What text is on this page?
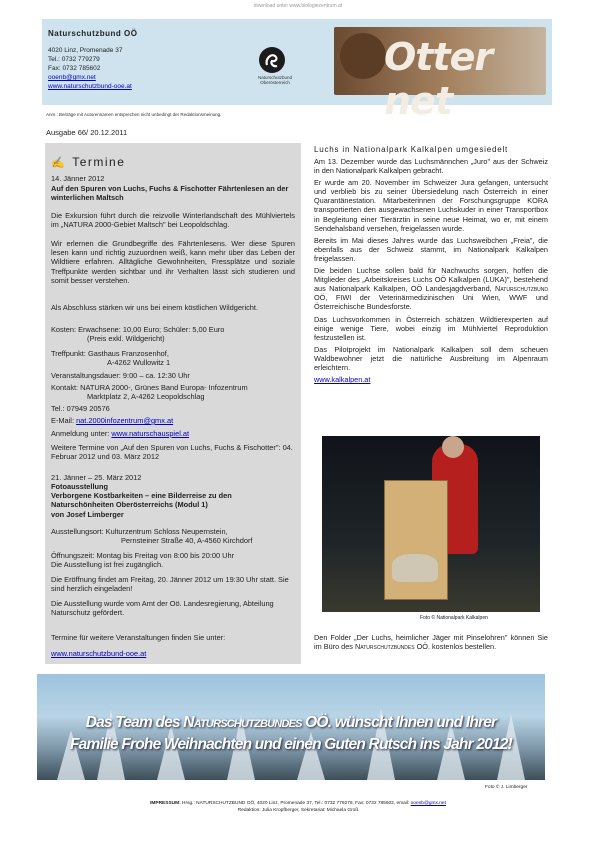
download unter www.biologiezentrum.at
Naturschutzbund OÖ
4020 Linz, Promenade 37
Tel.: 0732 779279
Fax: 0732 785602
ooenb@gmx.net
www.naturschutzbund-ooe.at
Naturschutzbund Oberösterreich
Otter net
Anm.: Beiträge mit Autorennamen entsprechen nicht unbedingt der Redaktionsmeinung.
Ausgabe 66/ 20.12.2011
✍ Termine
14. Jänner 2012
Auf den Spuren von Luchs, Fuchs & Fischotter Fährtenlesen an der winterlichen Maltsch
Die Exkursion führt durch die reizvolle Winterlandschaft des Mühlviertels im „NATURA 2000-Gebiet Maltsch" bei Leopoldschlag.
Wir erlernen die Grundbegriffe des Fährtenlesens. Wer diese Spuren lesen kann und richtig zuzuordnen weiß, kann mehr über das Leben der Wildtiere erfahren. Alltägliche Gewohnheiten, Fressplätze und soziale Treffpunkte werden sichtbar und ihr Verhalten lässt sich studieren und somit besser verstehen.
Als Abschluss stärken wir uns bei einem köstlichen Wildgericht.
Kosten: Erwachsene: 10,00 Euro; Schüler: 5,00 Euro
(Preis exkl. Wildgericht)
Treffpunkt: Gasthaus Franzosenhof,
A-4262 Wullowitz 1
Veranstaltungsdauer: 9:00 – ca. 12:30 Uhr
Kontakt: NATURA 2000-, Grünes Band Europa- Infozentrum
Marktplatz 2, A-4262 Leopoldschlag
Tel.: 07949 20576
E-Mail: nat.2000infozentrum@gmx.at
Anmeldung unter: www.naturschauspiel.at
Weitere Termine von „Auf den Spuren von Luchs, Fuchs & Fischotter": 04. Februar 2012 und 03. März 2012
21. Jänner – 25. März 2012
Fotoausstellung
Verborgene Kostbarkeiten – eine Bilderreise zu den Naturschönheiten Oberösterreichs (Modul 1)
von Josef Limberger
Ausstellungsort: Kulturzentrum Schloss Neupernstein,
Pernsteiner Straße 40, A-4560 Kirchdorf
Öffnungszeit: Montag bis Freitag von 8:00 bis 20:00 Uhr
Die Ausstellung ist frei zugänglich.
Die Eröffnung findet am Freitag, 20. Jänner 2012 um 19:30 Uhr statt. Sie sind herzlich eingeladen!
Die Ausstellung wurde vom Amt der Oö. Landesregierung, Abteilung Naturschutz gefördert.
Termine für weitere Veranstaltungen finden Sie unter:
www.naturschutzbund-ooe.at
Luchs in Nationalpark Kalkalpen umgesiedelt
Am 13. Dezember wurde das Luchsmännchen „Juro" aus der Schweiz in den Nationalpark Kalkalpen gebracht.
Er wurde am 20. November im Schweizer Jura gefangen, untersucht und verblieb bis zu seiner Übersiedelung nach Österreich in einer Quarantänestation. Mitarbeiterinnen der Forschungsgruppe KORA transportierten den ausgewachsenen Luchskuder in einer Transportbox in Begleitung einer Tierärztin in seine neue Heimat, wo er, mit einem Sendehalsband versehen, freigelassen wurde.
Bereits im Mai dieses Jahres wurde das Luchsweibchen „Freia", die ebenfalls aus der Schweiz stammt, im Nationalpark Kalkalpen freigelassen.
Die beiden Luchse sollen bald für Nachwuchs sorgen, hoffen die Mitglieder des „Arbeitskreises Luchs OÖ Kalkalpen (LUKA)", bestehend aus Nationalpark Kalkalpen, OÖ Landesjagdverband, Naturschutzbund OÖ, FIWI der Veterinärmedizinischen Uni Wien, WWF und Österreichische Bundesforste.
Das Luchsvorkommen in Österreich schätzen Wildtierexperten auf einige wenige Tiere, wobei einzig im Mühlviertel Reproduktion festzustellen ist.
Das Pilotprojekt im Nationalpark Kalkalpen soll dem scheuen Waldbewohner jetzt die natürliche Ausbreitung im Alpenraum erleichtern.
www.kalkalpen.at
Foto © Nationalpark Kalkalpen
Den Folder „Der Luchs, heimlicher Jäger mit Pinselohren" können Sie im Büro des Naturschutzbundes OÖ. kostenlos bestellen.
Das Team des Naturschutzbundes OÖ. wünscht Ihnen und Ihrer
Familie Frohe Weihnachten und einen Guten Rutsch ins Jahr 2012!
Foto © J. Limberger
IMPRESSUM: Hrsg.: NATURSCHUTZBUND OÖ, 4020 Linz, Promenade 37, Tel.: 0732 779279, Fax: 0732 785602, email: ooenb@gmx.net
Redaktion: Julia Kropfberger, Sekretariat: Michaela Groß
